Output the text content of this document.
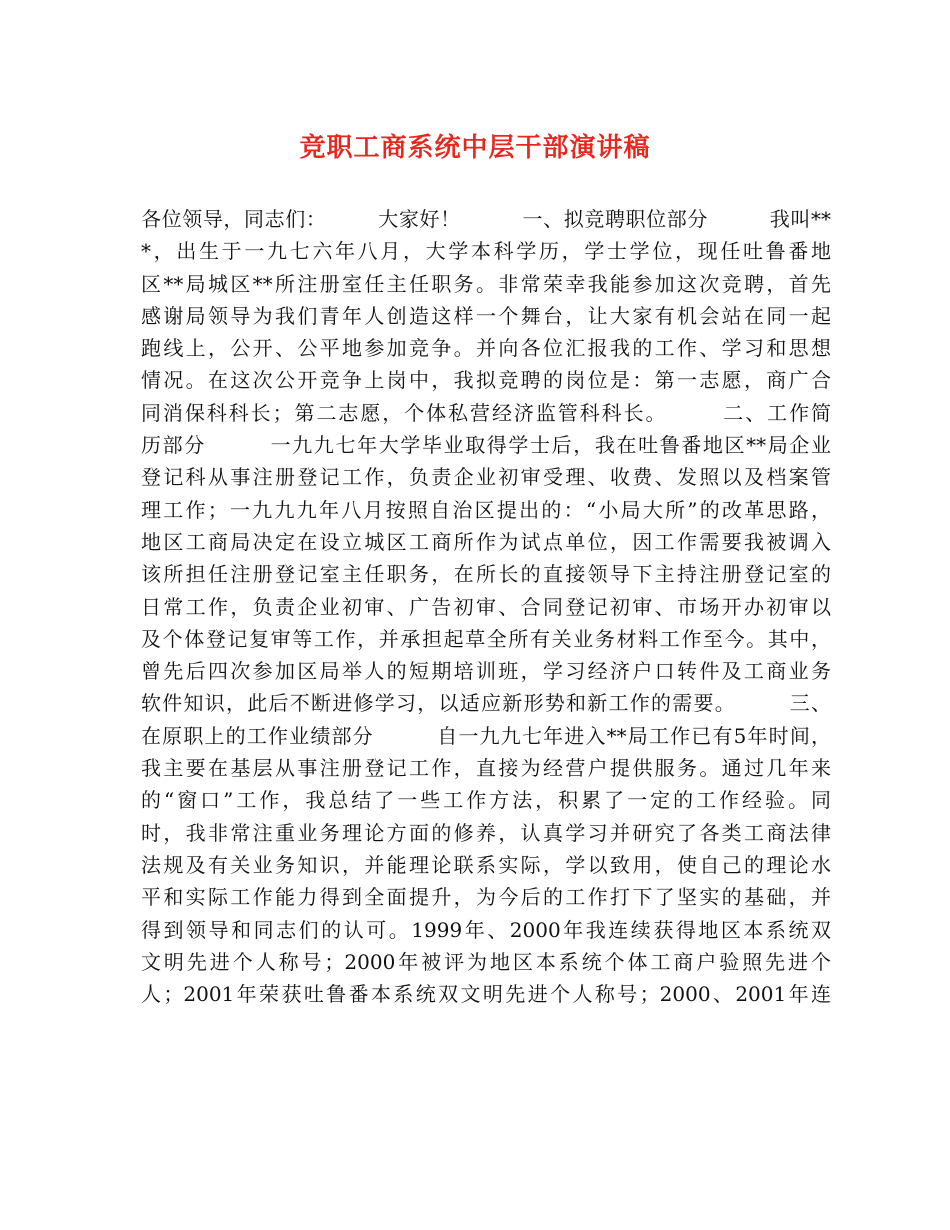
竞职工商系统中层干部演讲稿
各位领导，同志们：　　　大家好！　　　一、拟竞聘职位部分　　　我叫**
*，出生于一九七六年八月，大学本科学历，学士学位，现任吐鲁番地
区**局城区**所注册室任主任职务。非常荣幸我能参加这次竞聘，首先
感谢局领导为我们青年人创造这样一个舞台，让大家有机会站在同一起
跑线上，公开、公平地参加竞争。并向各位汇报我的工作、学习和思想
情况。在这次公开竞争上岗中，我拟竞聘的岗位是：第一志愿，商广合
同消保科科长；第二志愿，个体私营经济监管科科长。　　　二、工作简
历部分　　　一九九七年大学毕业取得学士后，我在吐鲁番地区**局企业
登记科从事注册登记工作，负责企业初审受理、收费、发照以及档案管
理工作；一九九九年八月按照自治区提出的：“小局大所”的改革思路，
地区工商局决定在设立城区工商所作为试点单位，因工作需要我被调入
该所担任注册登记室主任职务，在所长的直接领导下主持注册登记室的
日常工作，负责企业初审、广告初审、合同登记初审、市场开办初审以
及个体登记复审等工作，并承担起草全所有关业务材料工作至今。其中，
曾先后四次参加区局举人的短期培训班，学习经济户口转件及工商业务
软件知识，此后不断进修学习，以适应新形势和新工作的需要。　　　三、
在原职上的工作业绩部分　　　自一九九七年进入**局工作已有5年时间，
我主要在基层从事注册登记工作，直接为经营户提供服务。通过几年来
的“窗口”工作，我总结了一些工作方法，积累了一定的工作经验。同
时，我非常注重业务理论方面的修养，认真学习并研究了各类工商法律
法规及有关业务知识，并能理论联系实际，学以致用，使自己的理论水
平和实际工作能力得到全面提升，为今后的工作打下了坚实的基础，并
得到领导和同志们的认可。1999年、2000年我连续获得地区本系统双
文明先进个人称号；2000年被评为地区本系统个体工商户验照先进个
人；2001年荣获吐鲁番本系统双文明先进个人称号；2000、2001年连
